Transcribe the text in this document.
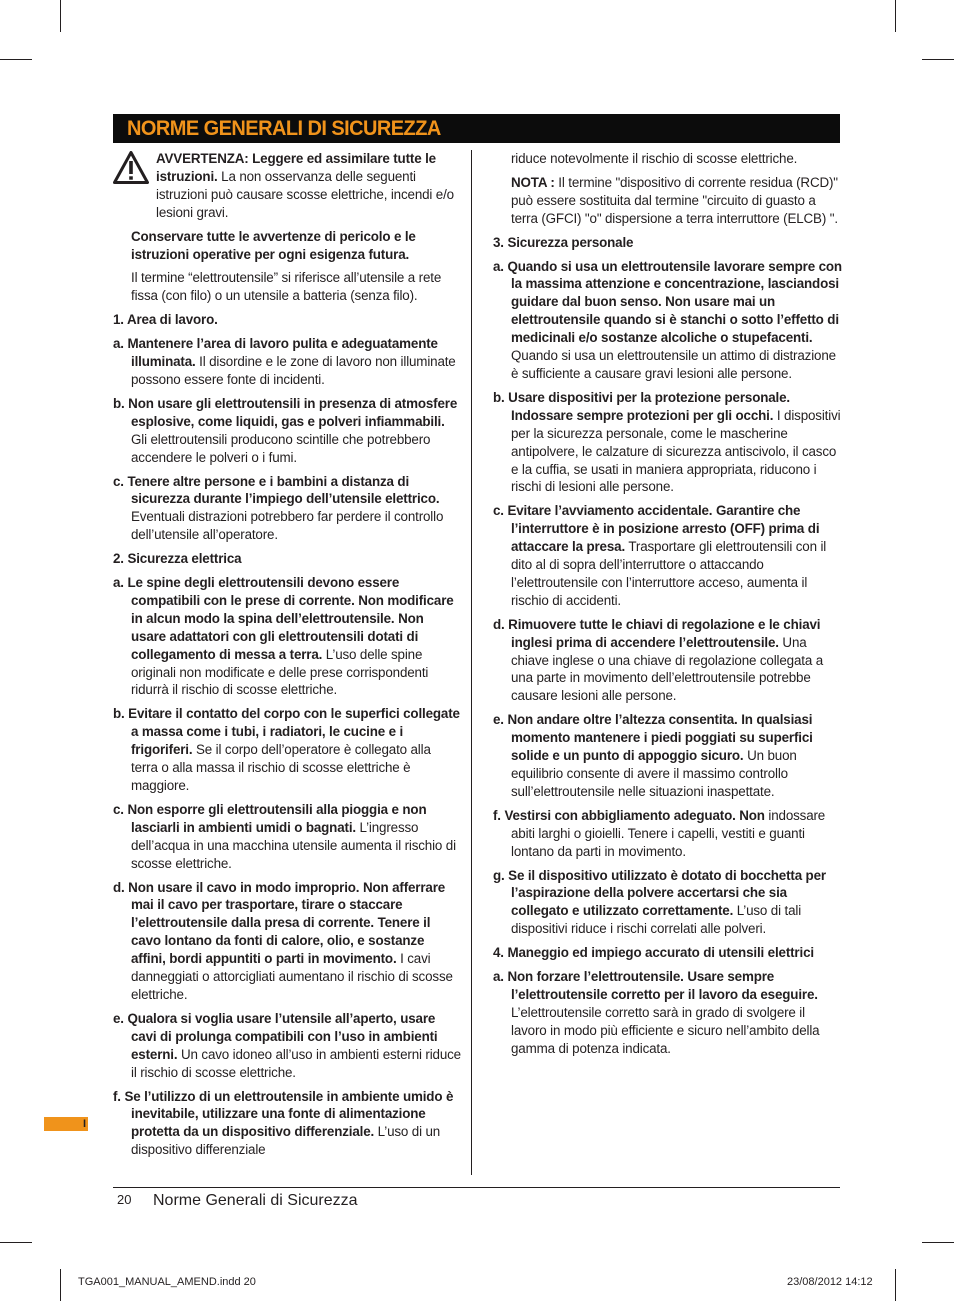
NORME GENERALI DI SICUREZZA

AVVERTENZA: Leggere ed assimilare tutte le istruzioni. La non osservanza delle seguenti istruzioni può causare scosse elettriche, incendi e/o lesioni gravi.

Conservare tutte le avvertenze di pericolo e le istruzioni operative per ogni esigenza futura.

Il termine “elettroutensile” si riferisce all’utensile a rete fissa (con filo) o un utensile a batteria (senza filo).

1. Area di lavoro.

a. Mantenere l’area di lavoro pulita e adeguatamente illuminata. Il disordine e le zone di lavoro non illuminate possono essere fonte di incidenti.

b. Non usare gli elettroutensili in presenza di atmosfere esplosive, come liquidi, gas e polveri infiammabili. Gli elettroutensili producono scintille che potrebbero accendere le polveri o i fumi.

c. Tenere altre persone e i bambini a distanza di sicurezza durante l’impiego dell’utensile elettrico. Eventuali distrazioni potrebbero far perdere il controllo dell’utensile all’operatore.

2. Sicurezza elettrica

a. Le spine degli elettroutensili devono essere compatibili con le prese di corrente. Non modificare in alcun modo la spina dell’elettroutensile. Non usare adattatori con gli elettroutensili dotati di collegamento di messa a terra. L’uso delle spine originali non modificate e delle prese corrispondenti ridurrà il rischio di scosse elettriche.

b. Evitare il contatto del corpo con le superfici collegate a massa come i tubi, i radiatori, le cucine e i frigoriferi. Se il corpo dell’operatore è collegato alla terra o alla massa il rischio di scosse elettriche è maggiore.

c. Non esporre gli elettroutensili alla pioggia e non lasciarli in ambienti umidi o bagnati. L’ingresso dell’acqua in una macchina utensile aumenta il rischio di scosse elettriche.

d. Non usare il cavo in modo improprio. Non afferrare mai il cavo per trasportare, tirare o staccare l’elettroutensile dalla presa di corrente. Tenere il cavo lontano da fonti di calore, olio, e sostanze affini, bordi appuntiti o parti in movimento. I cavi danneggiati o attorcigliati aumentano il rischio di scosse elettriche.

e. Qualora si voglia usare l’utensile all’aperto, usare cavi di prolunga compatibili con l’uso in ambienti esterni. Un cavo idoneo all’uso in ambienti esterni riduce il rischio di scosse elettriche.

f. Se l’utilizzo di un elettroutensile in ambiente umido è inevitabile, utilizzare una fonte di alimentazione protetta da un dispositivo differenziale. L’uso di un dispositivo differenziale

riduce notevolmente il rischio di scosse elettriche.

NOTA : Il termine "dispositivo di corrente residua (RCD)" può essere sostituita dal termine "circuito di guasto a terra (GFCI) "o" dispersione a terra interruttore (ELCB) ".

3. Sicurezza personale

a. Quando si usa un elettroutensile lavorare sempre con la massima attenzione e concentrazione, lasciandosi guidare dal buon senso. Non usare mai un elettroutensile quando si è stanchi o sotto l’effetto di medicinali e/o sostanze alcoliche o stupefacenti. Quando si usa un elettroutensile un attimo di distrazione è sufficiente a causare gravi lesioni alle persone.

b. Usare dispositivi per la protezione personale. Indossare sempre protezioni per gli occhi. I dispositivi per la sicurezza personale, come le mascherine antipolvere, le calzature di sicurezza antiscivolo, il casco e la cuffia, se usati in maniera appropriata, riducono i rischi di lesioni alle persone.

c. Evitare l’avviamento accidentale. Garantire che l’interruttore è in posizione arresto (OFF) prima di attaccare la presa. Trasportare gli elettroutensili con il dito al di sopra dell’interruttore o attaccando l’elettroutensile con l’interruttore acceso, aumenta il rischio di accidenti.

d. Rimuovere tutte le chiavi di regolazione e le chiavi inglesi prima di accendere l’elettroutensile. Una chiave inglese o una chiave di regolazione collegata a una parte in movimento dell’elettroutensile potrebbe causare lesioni alle persone.

e. Non andare oltre l’altezza consentita. In qualsiasi momento mantenere i piedi poggiati su superfici solide e un punto di appoggio sicuro. Un buon equilibrio consente di avere il massimo controllo sull’elettroutensile nelle situazioni inaspettate.

f. Vestirsi con abbigliamento adeguato. Non indossare abiti larghi o gioielli. Tenere i capelli, vestiti e guanti lontano da parti in movimento.

g. Se il dispositivo utilizzato è dotato di bocchetta per l’aspirazione della polvere accertarsi che sia collegato e utilizzato correttamente. L’uso di tali dispositivi riduce i rischi correlati alle polveri.

4. Maneggio ed impiego accurato di utensili elettrici

a. Non forzare l’elettroutensile. Usare sempre l’elettroutensile corretto per il lavoro da eseguire. L’elettroutensile corretto sarà in grado di svolgere il lavoro in modo più efficiente e sicuro nell’ambito della gamma di potenza indicata.

I
20 Norme Generali di Sicurezza
TGA001_MANUAL_AMEND.indd 20	23/08/2012 14:12
